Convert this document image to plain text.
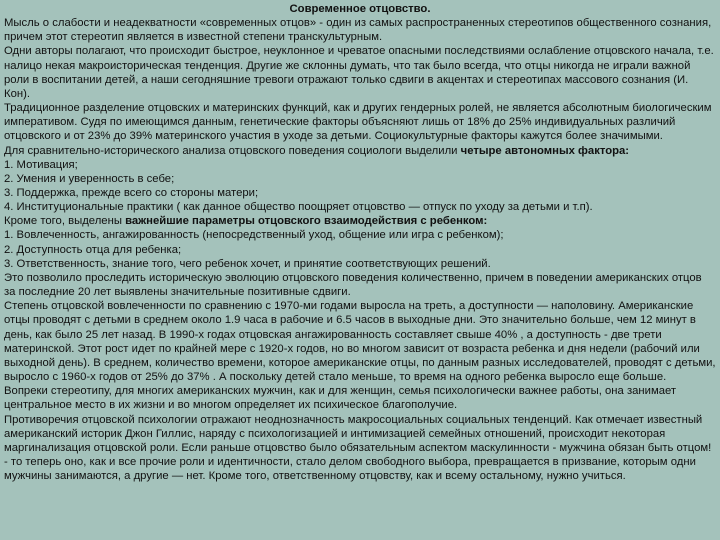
Современное отцовство.

Мысль о слабости и неадекватности «современных отцов» - один из самых распространенных стереотипов общественного сознания, причем этот стереотип является в известной степени транскультурным.

Одни авторы полагают, что происходит быстрое, неуклонное и чреватое опасными последствиями ослабление отцовского начала, т.е. налицо некая макроисторическая тенденция. Другие же склонны думать, что так было всегда, что отцы никогда не играли важной роли в воспитании детей, а наши сегодняшние тревоги отражают только сдвиги в акцентах и стереотипах массового сознания (И. Кон).

Традиционное разделение отцовских и материнских функций, как и других гендерных ролей, не является абсолютным биологическим императивом. Судя по имеющимся данным, генетические факторы объясняют лишь от 18% до 25% индивидуальных различий отцовского и от 23% до 39% материнского участия в уходе за детьми. Социокультурные факторы кажутся более значимыми.

Для сравнительно-исторического анализа отцовского поведения социологи выделили четыре автономных фактора:

1. Мотивация;

2. Умения и уверенность в себе;

3. Поддержка, прежде всего со стороны матери;

4. Институциональные практики ( как данное общество поощряет отцовство — отпуск по уходу за детьми и т.п).

Кроме того, выделены важнейшие параметры отцовского взаимодействия с ребенком:

1. Вовлеченность, ангажированность (непосредственный уход, общение или игра с ребенком);

2. Доступность отца для ребенка;

3. Ответственность, знание того, чего ребенок хочет, и принятие соответствующих решений.

Это позволило проследить историческую эволюцию отцовского поведения количественно, причем в поведении американских отцов за последние 20 лет выявлены значительные позитивные сдвиги.

Степень отцовской вовлеченности по сравнению с 1970-ми годами выросла на треть, а доступности — наполовину. Американские отцы проводят с детьми в среднем около 1.9 часа в рабочие и 6.5 часов в выходные дни. Это значительно больше, чем 12 минут в день, как было 25 лет назад. В 1990-х годах отцовская ангажированность составляет свыше 40% , а доступность - две трети материнской. Этот рост идет по крайней мере с 1920-х годов, но во многом зависит от возраста ребенка и дня недели (рабочий или выходной день). В среднем, количество времени, которое американские отцы, по данным разных исследователей, проводят с детьми, выросло с 1960-х годов от 25% до 37% . А поскольку детей стало меньше, то время на одного ребенка выросло еще больше.

Вопреки стереотипу, для многих американских мужчин, как и для женщин, семья психологически важнее работы, она занимает центральное место в их жизни и во многом определяет их психическое благополучие.

Противоречия отцовской психологии отражают неоднозначность макросоциальных социальных тенденций. Как отмечает известный американский историк Джон Гиллис, наряду с психологизацией и интимизацией семейных отношений, происходит некоторая маргинализация отцовской роли. Если раньше отцовство было обязательным аспектом маскулинности - мужчина обязан быть отцом! - то теперь оно, как и все прочие роли и идентичности, стало делом свободного выбора, превращается в призвание, которым одни мужчины занимаются, а другие — нет. Кроме того, ответственному отцовству, как и всему остальному, нужно учиться.
